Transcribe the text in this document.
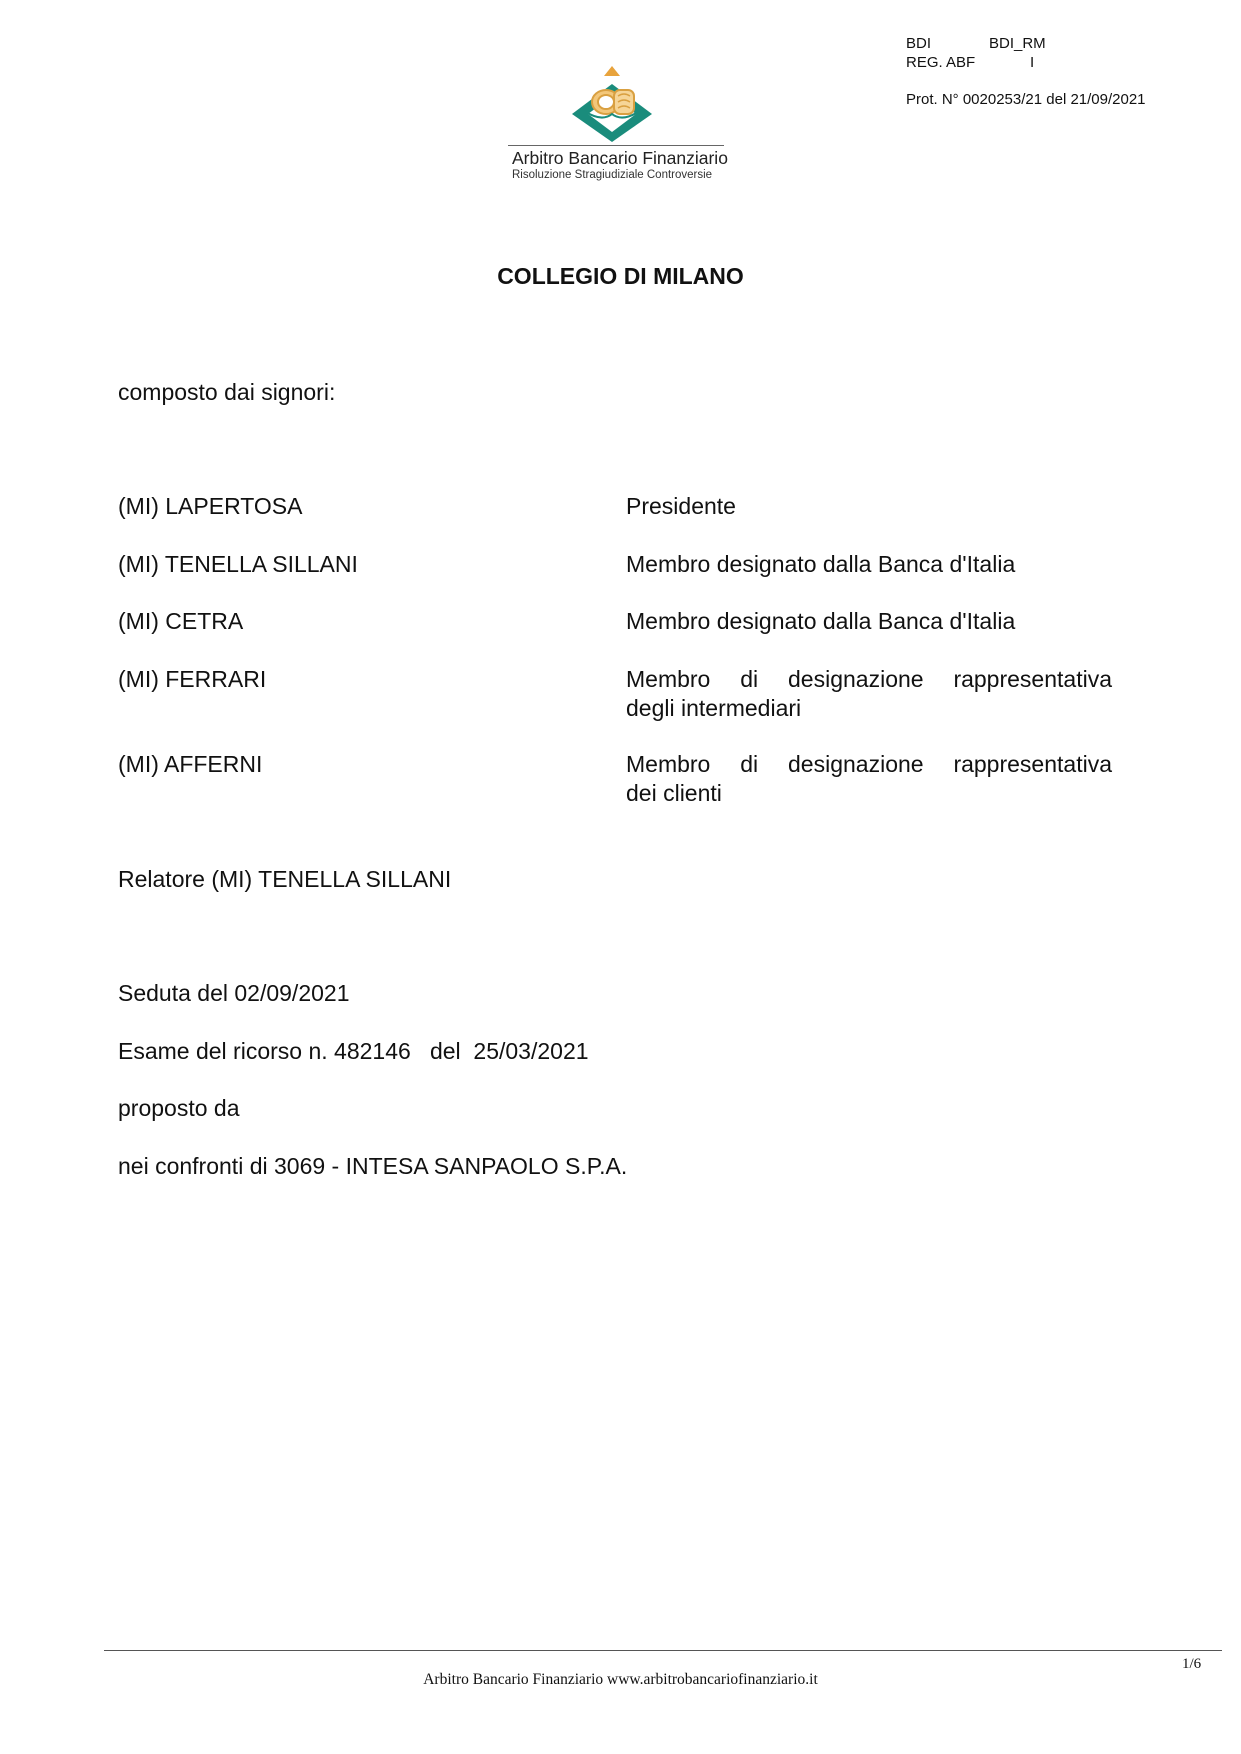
BDI	BDI_RM
REG. ABF	I
Prot. N° 0020253/21 del 21/09/2021
Arbitro Bancario Finanziario
Risoluzione Stragiudiziale Controversie
COLLEGIO DI MILANO
composto dai signori:
(MI) LAPERTOSA	Presidente
(MI) TENELLA SILLANI	Membro designato dalla Banca d'Italia
(MI) CETRA	Membro designato dalla Banca d'Italia
(MI) FERRARI	Membro di designazione rappresentativa
degli intermediari
(MI) AFFERNI	Membro di designazione rappresentativa
dei clienti
Relatore (MI) TENELLA SILLANI
Seduta del 02/09/2021
Esame del ricorso n. 482146   del  25/03/2021
proposto da
nei confronti di 3069 - INTESA SANPAOLO S.P.A.
1/6
Arbitro Bancario Finanziario www.arbitrobancariofinanziario.it
